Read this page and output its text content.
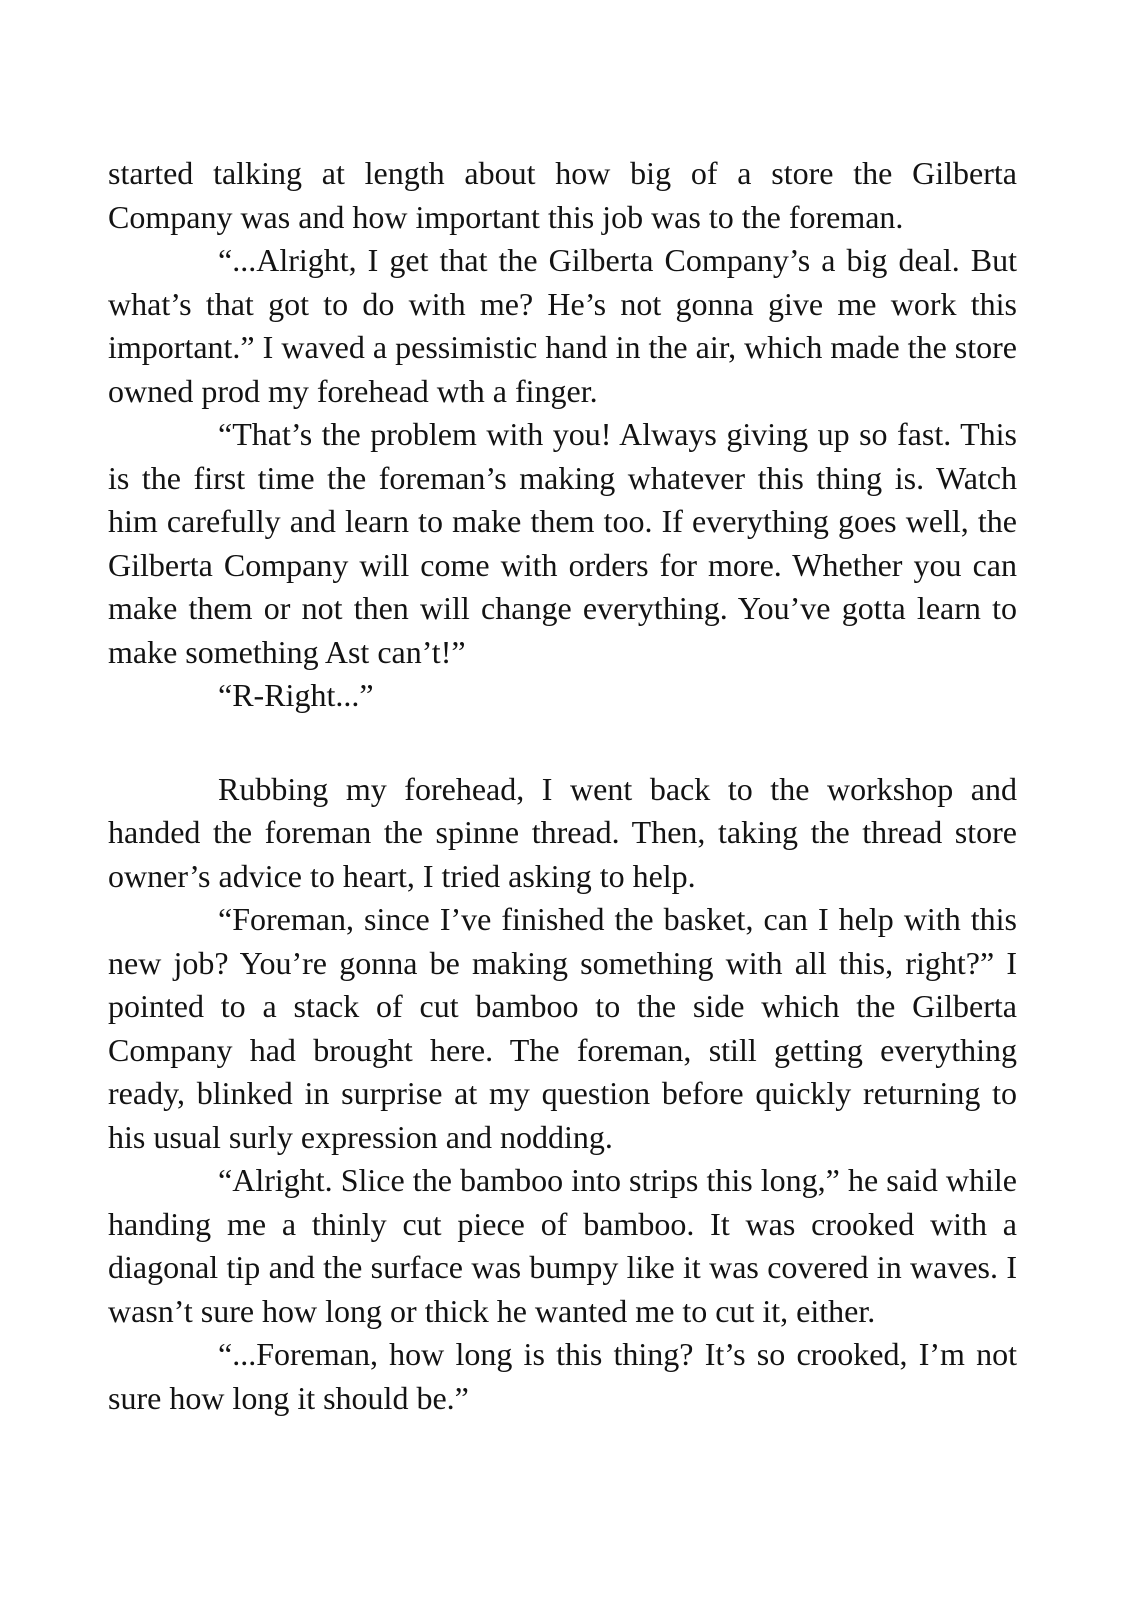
started talking at length about how big of a store the Gilberta Company was and how important this job was to the foreman.

“...Alright, I get that the Gilberta Company’s a big deal. But what’s that got to do with me? He’s not gonna give me work this important.” I waved a pessimistic hand in the air, which made the store owned prod my forehead wth a finger.

“That’s the problem with you! Always giving up so fast. This is the first time the foreman’s making whatever this thing is. Watch him carefully and learn to make them too. If everything goes well, the Gilberta Company will come with orders for more. Whether you can make them or not then will change everything. You’ve gotta learn to make something Ast can’t!”

“R-Right...”

Rubbing my forehead, I went back to the workshop and handed the foreman the spinne thread. Then, taking the thread store owner’s advice to heart, I tried asking to help.

“Foreman, since I’ve finished the basket, can I help with this new job? You’re gonna be making something with all this, right?” I pointed to a stack of cut bamboo to the side which the Gilberta Company had brought here. The foreman, still getting everything ready, blinked in surprise at my question before quickly returning to his usual surly expression and nodding.

“Alright. Slice the bamboo into strips this long,” he said while handing me a thinly cut piece of bamboo. It was crooked with a diagonal tip and the surface was bumpy like it was covered in waves. I wasn’t sure how long or thick he wanted me to cut it, either.

“...Foreman, how long is this thing? It’s so crooked, I’m not sure how long it should be.”
